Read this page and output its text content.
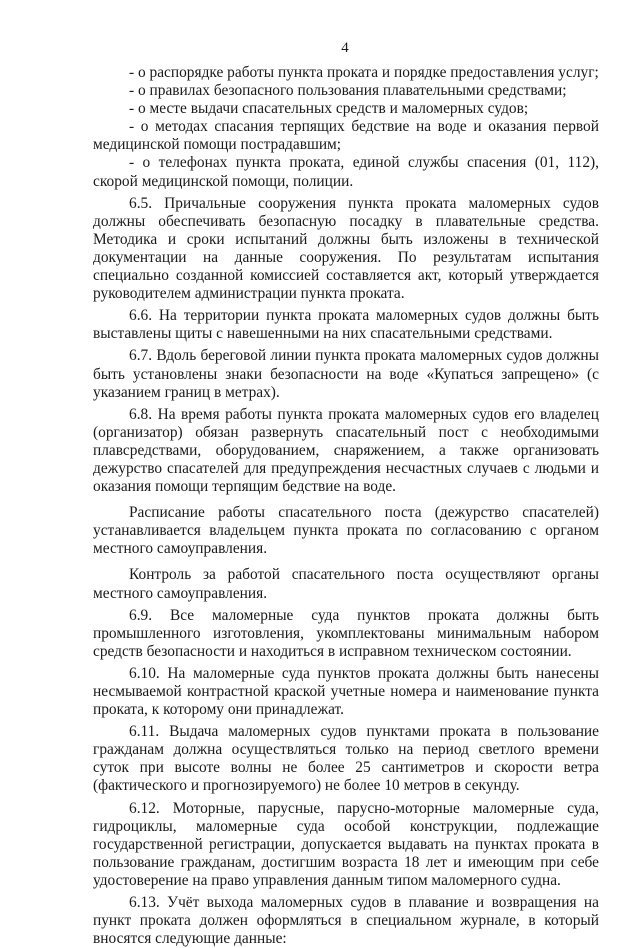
4

- о распорядке работы пункта проката и порядке предоставления услуг;

- о правилах безопасного пользования плавательными средствами;

- о месте выдачи спасательных средств и маломерных судов;

- о методах спасания терпящих бедствие на воде и оказания первой медицинской помощи пострадавшим;

- о телефонах пункта проката, единой службы спасения (01, 112), скорой медицинской помощи, полиции.

6.5. Причальные сооружения пункта проката маломерных судов должны обеспечивать безопасную посадку в плавательные средства. Методика и сроки испытаний должны быть изложены в технической документации на данные сооружения. По результатам испытания специально созданной комиссией составляется акт, который утверждается руководителем администрации пункта проката.

6.6. На территории пункта проката маломерных судов должны быть выставлены щиты с навешенными на них спасательными средствами.

6.7. Вдоль береговой линии пункта проката маломерных судов должны быть установлены знаки безопасности на воде «Купаться запрещено» (с указанием границ в метрах).

6.8. На время работы пункта проката маломерных судов его владелец (организатор) обязан развернуть спасательный пост с необходимыми плавсредствами, оборудованием, снаряжением, а также организовать дежурство спасателей для предупреждения несчастных случаев с людьми и оказания помощи терпящим бедствие на воде.

Расписание работы спасательного поста (дежурство спасателей) устанавливается владельцем пункта проката по согласованию с органом местного самоуправления.

Контроль за работой спасательного поста осуществляют органы местного самоуправления.

6.9. Все маломерные суда пунктов проката должны быть промышленного изготовления, укомплектованы минимальным набором средств безопасности и находиться в исправном техническом состоянии.

6.10. На маломерные суда пунктов проката должны быть нанесены несмываемой контрастной краской учетные номера и наименование пункта проката, к которому они принадлежат.

6.11. Выдача маломерных судов пунктами проката в пользование гражданам должна осуществляться только на период светлого времени суток при высоте волны не более 25 сантиметров и скорости ветра (фактического и прогнозируемого) не более 10 метров в секунду.

6.12. Моторные, парусные, парусно-моторные маломерные суда, гидроциклы, маломерные суда особой конструкции, подлежащие государственной регистрации, допускается выдавать на пунктах проката в пользование гражданам, достигшим возраста 18 лет и имеющим при себе удостоверение на право управления данным типом маломерного судна.

6.13. Учёт выхода маломерных судов в плавание и возвращения на пункт проката должен оформляться в специальном журнале, в который вносятся следующие данные:
